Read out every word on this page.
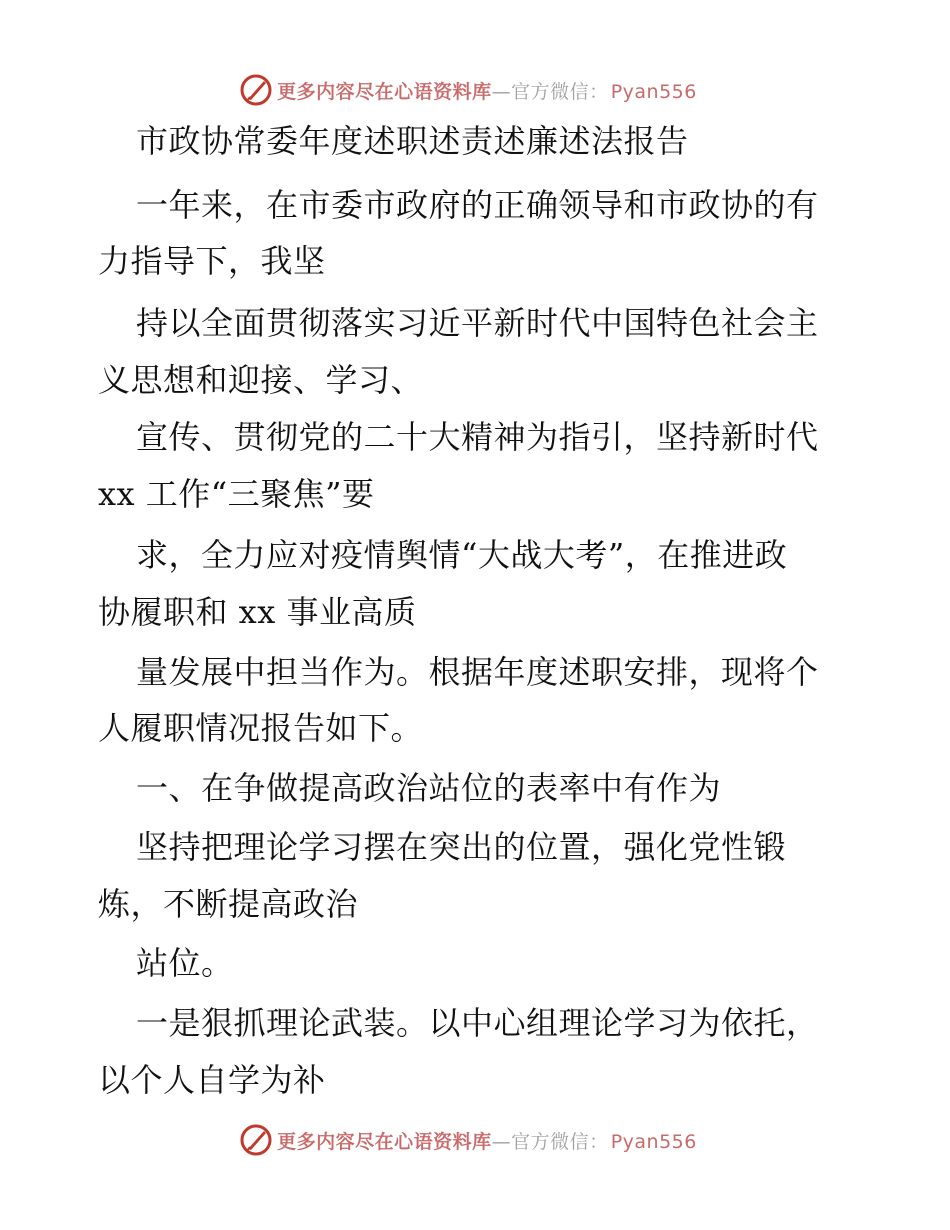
更多内容尽在心语资料库 — 官方微信： Pyan556
市政协常委年度述职述责述廉述法报告
一年来，在市委市政府的正确领导和市政协的有
力指导下，我坚
持以全面贯彻落实习近平新时代中国特色社会主
义思想和迎接、学习、
宣传、贯彻党的二十大精神为指引，坚持新时代
xx 工作“三聚焦”要
求，全力应对疫情舆情“大战大考”，在推进政
协履职和 xx 事业高质
量发展中担当作为。根据年度述职安排，现将个
人履职情况报告如下。
一、在争做提高政治站位的表率中有作为
坚持把理论学习摆在突出的位置，强化党性锻
炼，不断提高政治
站位。
一是狠抓理论武装。以中心组理论学习为依托，
以个人自学为补
更多内容尽在心语资料库 — 官方微信： Pyan556
